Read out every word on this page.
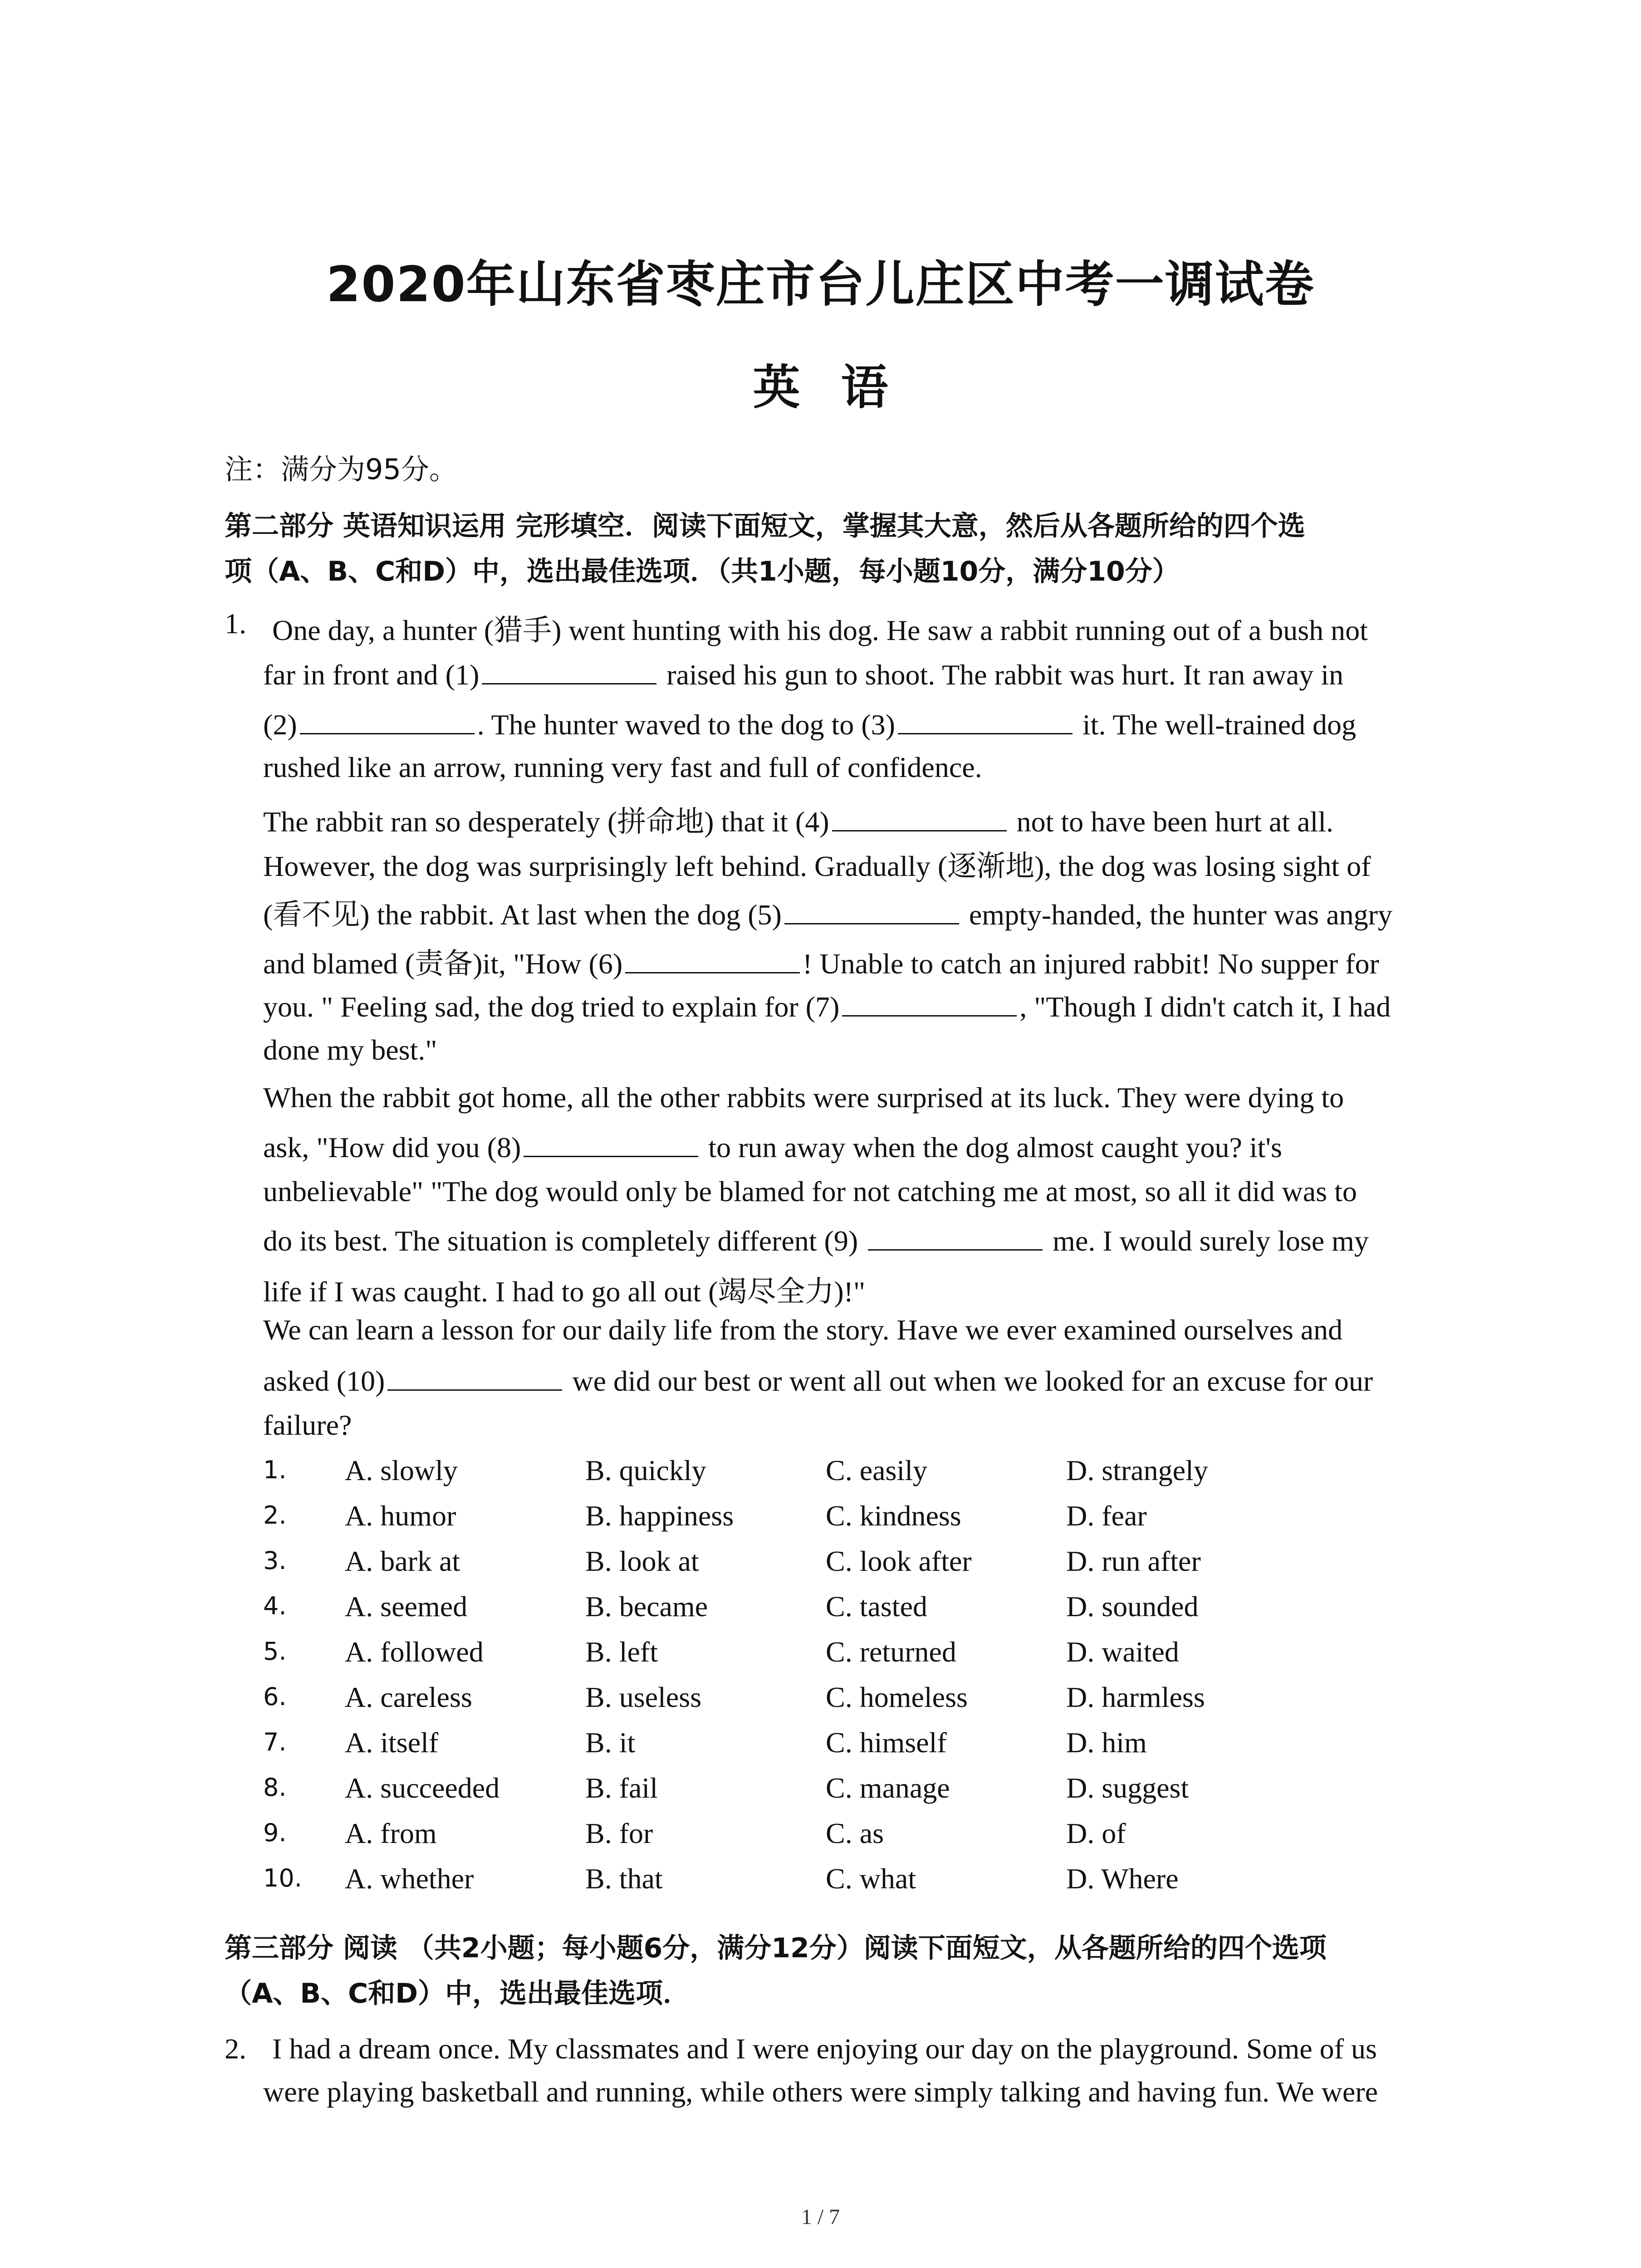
2020年山东省枣庄市台儿庄区中考一调试卷
英语
注：满分为95分。
第二部分 英语知识运用 完形填空．阅读下面短文，掌握其大意，然后从各题所给的四个选
项（A、B、C和D）中，选出最佳选项．（共1小题，每小题10分，满分10分）
1. One day, a hunter (猎手) went hunting with his dog. He saw a rabbit running out of a bush not
far in front and (1)	raised his gun to shoot. The rabbit was hurt. It ran away in
(2)	. The hunter waved to the dog to (3)	it. The well-trained dog
rushed like an arrow, running very fast and full of confidence.
The rabbit ran so desperately (拼命地) that it (4)	not to have been hurt at all.
However, the dog was surprisingly left behind. Gradually (逐渐地), the dog was losing sight of
(看不见) the rabbit. At last when the dog (5)	empty-handed, the hunter was angry
and blamed (责备)it, "How (6)	! Unable to catch an injured rabbit! No supper for
you. " Feeling sad, the dog tried to explain for (7)	, "Though I didn't catch it, I had
done my best."
When the rabbit got home, all the other rabbits were surprised at its luck. They were dying to
ask, "How did you (8)	to run away when the dog almost caught you? it's
unbelievable" "The dog would only be blamed for not catching me at most, so all it did was to
do its best. The situation is completely different (9)	me. I would surely lose my
life if I was caught. I had to go all out (竭尽全力)!"
We can learn a lesson for our daily life from the story. Have we ever examined ourselves and
asked (10)	we did our best or went all out when we looked for an excuse for our
failure?
1. A. slowly	B. quickly	C. easily	D. strangely
2. A. humor	B. happiness	C. kindness	D. fear
3. A. bark at	B. look at	C. look after	D. run after
4. A. seemed	B. became	C. tasted	D. sounded
5. A. followed	B. left	C. returned	D. waited
6. A. careless	B. useless	C. homeless	D. harmless
7. A. itself	B. it	C. himself	D. him
8. A. succeeded	B. fail	C. manage	D. suggest
9. A. from	B. for	C. as	D. of
10. A. whether	B. that	C. what	D. Where
第三部分 阅读 （共2小题；每小题6分，满分12分）阅读下面短文，从各题所给的四个选项
（A、B、C和D）中，选出最佳选项．
2. I had a dream once. My classmates and I were enjoying our day on the playground. Some of us
were playing basketball and running, while others were simply talking and having fun. We were
1 / 7
